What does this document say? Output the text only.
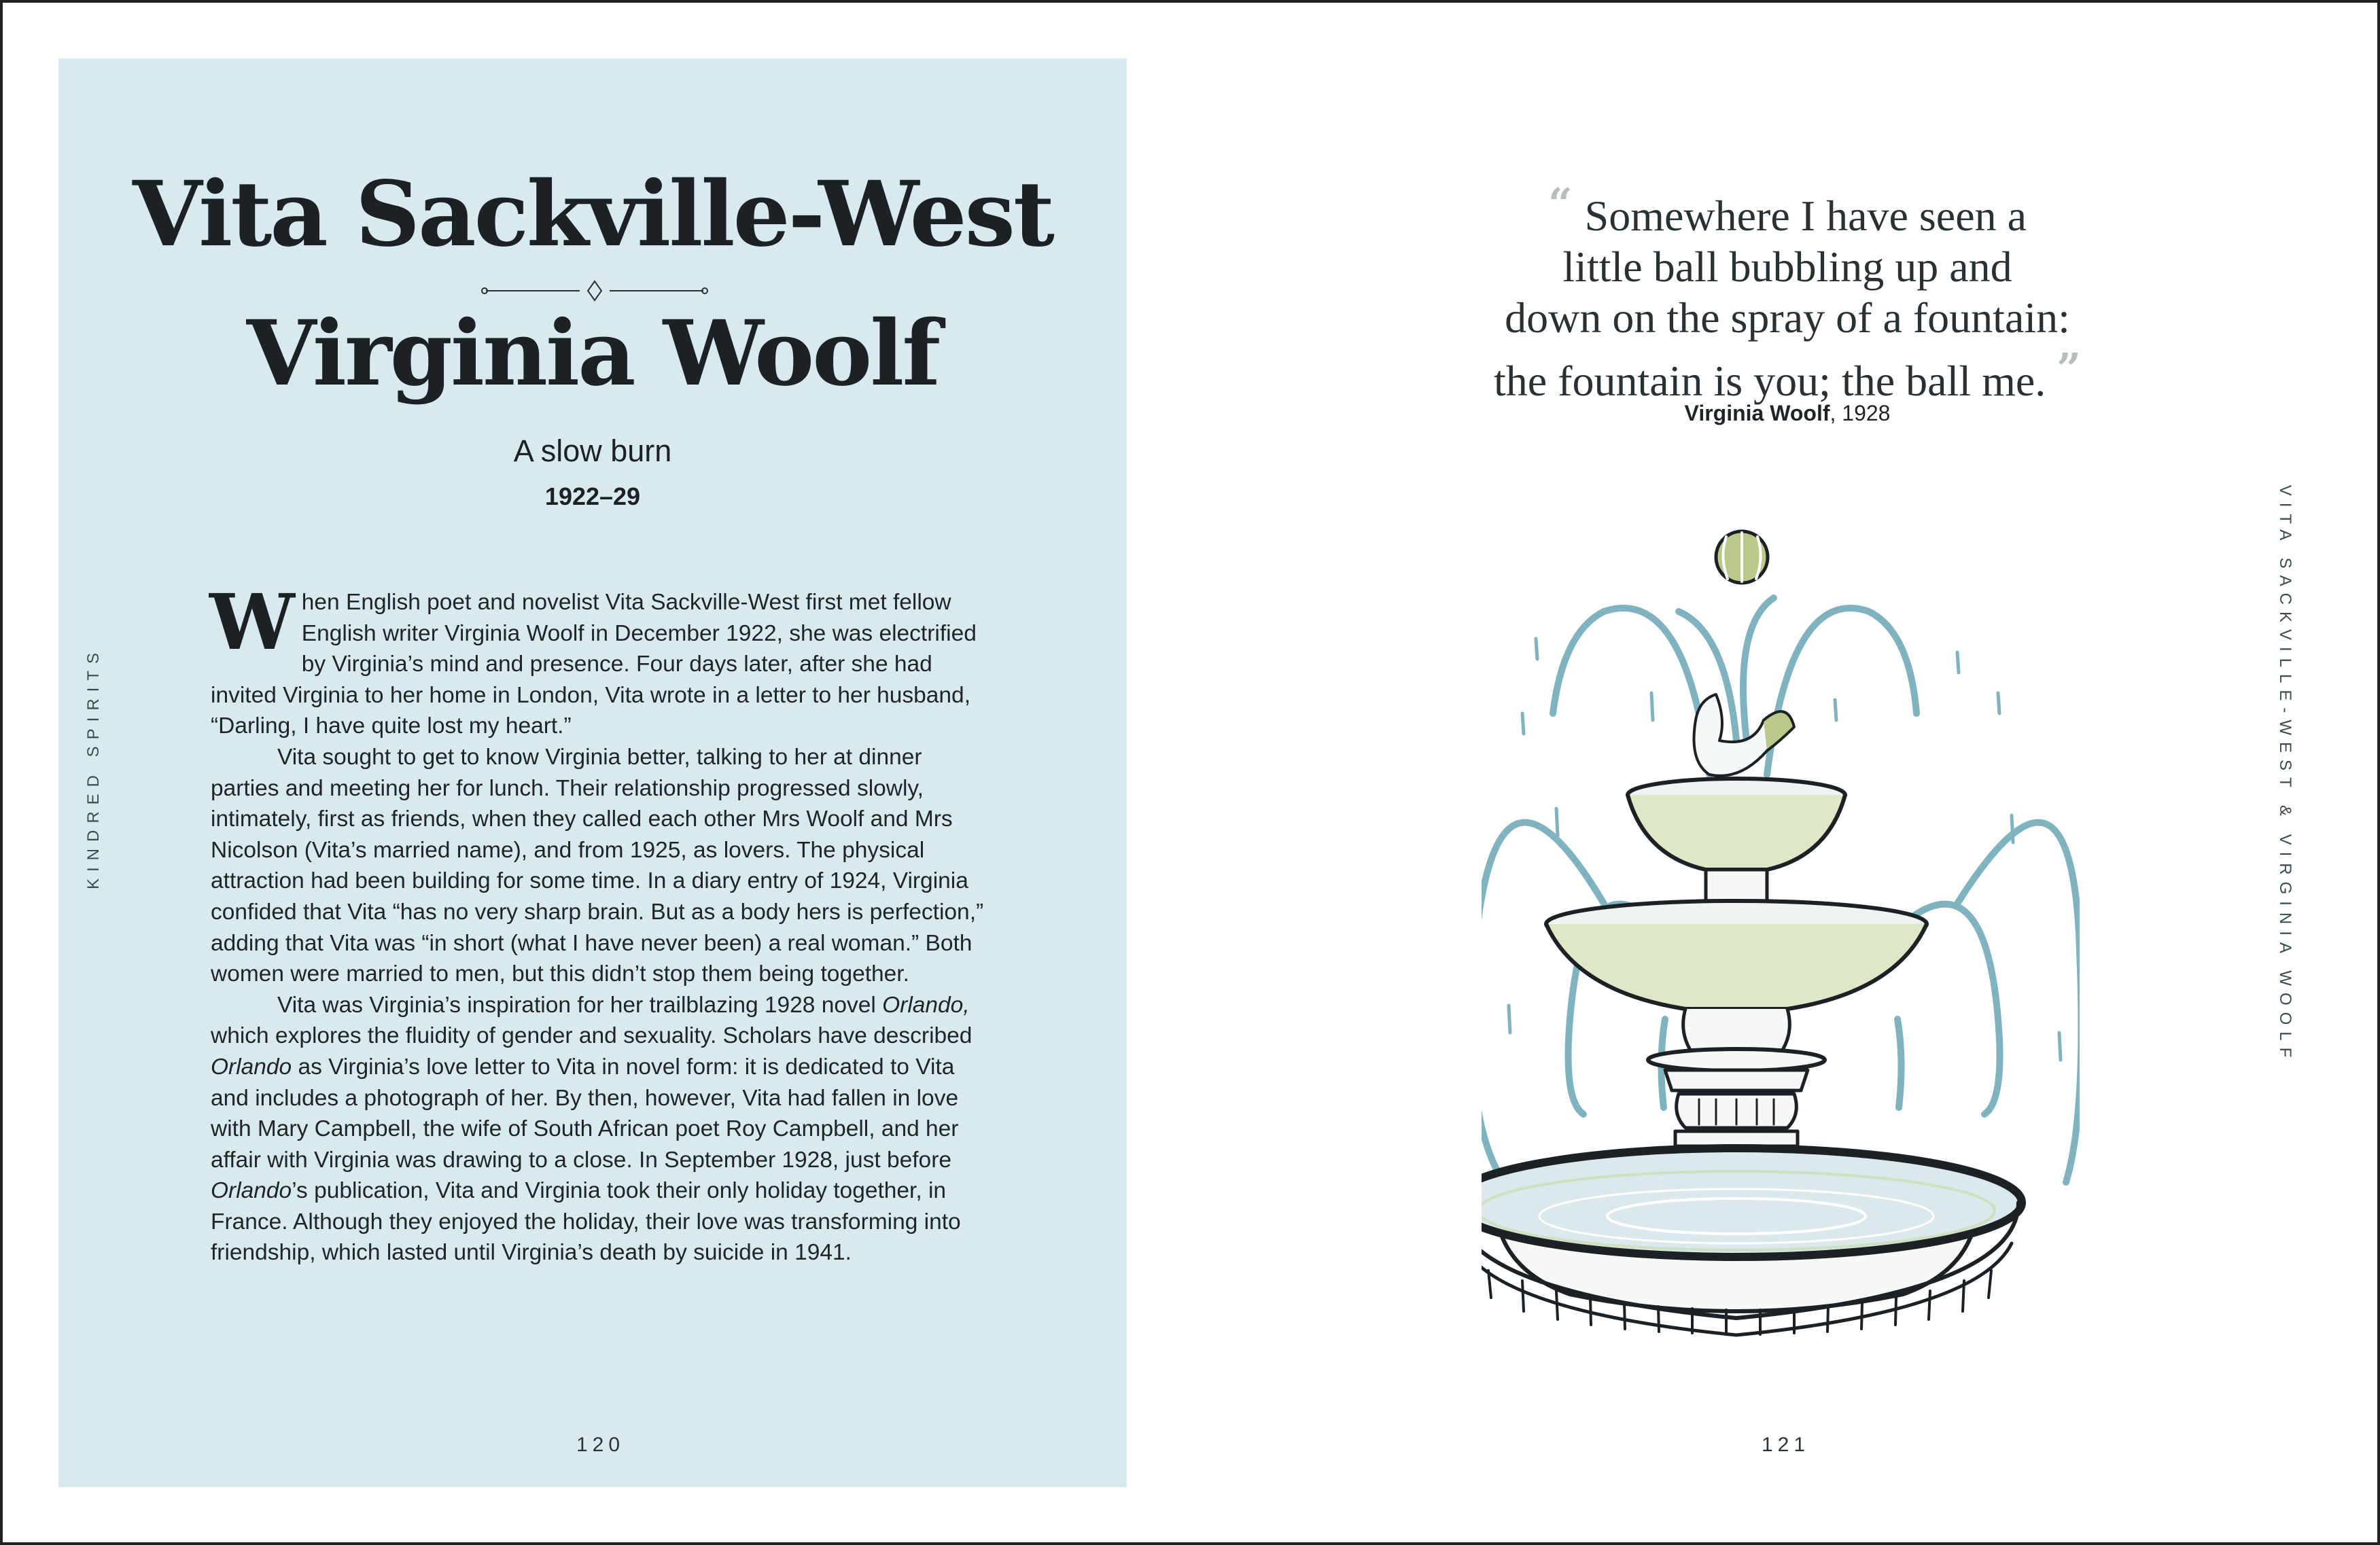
KINDRED SPIRITS
Vita Sackville-West
Virginia Woolf
A slow burn
1922–29

When English poet and novelist Vita Sackville-West first met fellow English writer Virginia Woolf in December 1922, she was electrified by Virginia’s mind and presence. Four days later, after she had invited Virginia to her home in London, Vita wrote in a letter to her husband, “Darling, I have quite lost my heart.”

Vita sought to get to know Virginia better, talking to her at dinner parties and meeting her for lunch. Their relationship progressed slowly, intimately, first as friends, when they called each other Mrs Woolf and Mrs Nicolson (Vita’s married name), and from 1925, as lovers. The physical attraction had been building for some time. In a diary entry of 1924, Virginia confided that Vita “has no very sharp brain. But as a body hers is perfection,” adding that Vita was “in short (what I have never been) a real woman.” Both women were married to men, but this didn’t stop them being together.

Vita was Virginia’s inspiration for her trailblazing 1928 novel Orlando, which explores the fluidity of gender and sexuality. Scholars have described Orlando as Virginia’s love letter to Vita in novel form: it is dedicated to Vita and includes a photograph of her. By then, however, Vita had fallen in love with Mary Campbell, the wife of South African poet Roy Campbell, and her affair with Virginia was drawing to a close. In September 1928, just before Orlando’s publication, Vita and Virginia took their only holiday together, in France. Although they enjoyed the holiday, their love was transforming into friendship, which lasted until Virginia’s death by suicide in 1941.

120
VITA SACKVILLE-WEST & VIRGINIA WOOLF
“ Somewhere I have seen a
little ball bubbling up and
down on the spray of a fountain:
the fountain is you; the ball me. ”
Virginia Woolf, 1928
121
